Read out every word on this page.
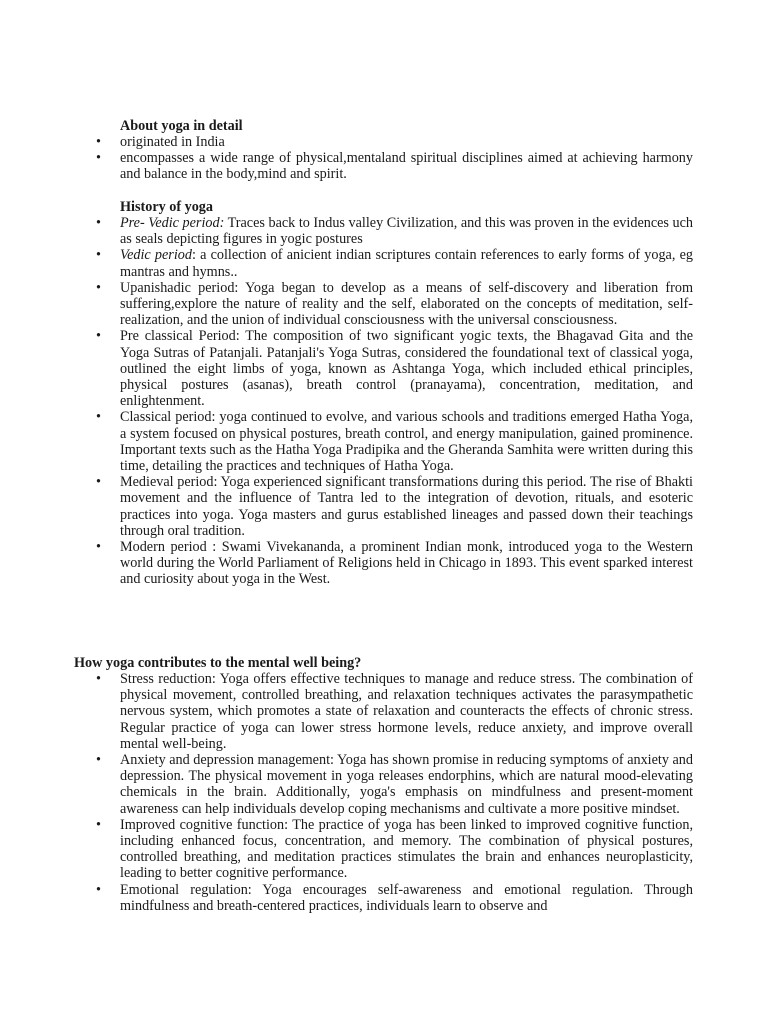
About yoga in detail
• originated in India
• encompasses a wide range of physical,mentaland spiritual disciplines aimed at achieving harmony and balance in the body,mind and spirit.
History of yoga
• Pre- Vedic period: Traces back to Indus valley Civilization, and this was proven in the evidences uch as seals depicting figures in yogic postures
• Vedic period: a collection of anicient indian scriptures contain references to early forms of yoga, eg mantras and hymns..
• Upanishadic period: Yoga began to develop as a means of self-discovery and liberation from suffering,explore the nature of reality and the self, elaborated on the concepts of meditation, self-realization, and the union of individual consciousness with the universal consciousness.
• Pre classical Period: The composition of two significant yogic texts, the Bhagavad Gita and the Yoga Sutras of Patanjali. Patanjali's Yoga Sutras, considered the foundational text of classical yoga, outlined the eight limbs of yoga, known as Ashtanga Yoga, which included ethical principles, physical postures (asanas), breath control (pranayama), concentration, meditation, and enlightenment.
• Classical period: yoga continued to evolve, and various schools and traditions emerged Hatha Yoga, a system focused on physical postures, breath control, and energy manipulation, gained prominence. Important texts such as the Hatha Yoga Pradipika and the Gheranda Samhita were written during this time, detailing the practices and techniques of Hatha Yoga.
• Medieval period: Yoga experienced significant transformations during this period. The rise of Bhakti movement and the influence of Tantra led to the integration of devotion, rituals, and esoteric practices into yoga. Yoga masters and gurus established lineages and passed down their teachings through oral tradition.
• Modern period : Swami Vivekananda, a prominent Indian monk, introduced yoga to the Western world during the World Parliament of Religions held in Chicago in 1893. This event sparked interest and curiosity about yoga in the West.
How yoga contributes to the mental well being?
• Stress reduction: Yoga offers effective techniques to manage and reduce stress. The combination of physical movement, controlled breathing, and relaxation techniques activates the parasympathetic nervous system, which promotes a state of relaxation and counteracts the effects of chronic stress. Regular practice of yoga can lower stress hormone levels, reduce anxiety, and improve overall mental well-being.
• Anxiety and depression management: Yoga has shown promise in reducing symptoms of anxiety and depression. The physical movement in yoga releases endorphins, which are natural mood-elevating chemicals in the brain. Additionally, yoga's emphasis on mindfulness and present-moment awareness can help individuals develop coping mechanisms and cultivate a more positive mindset.
• Improved cognitive function: The practice of yoga has been linked to improved cognitive function, including enhanced focus, concentration, and memory. The combination of physical postures, controlled breathing, and meditation practices stimulates the brain and enhances neuroplasticity, leading to better cognitive performance.
• Emotional regulation: Yoga encourages self-awareness and emotional regulation. Through mindfulness and breath-centered practices, individuals learn to observe and
